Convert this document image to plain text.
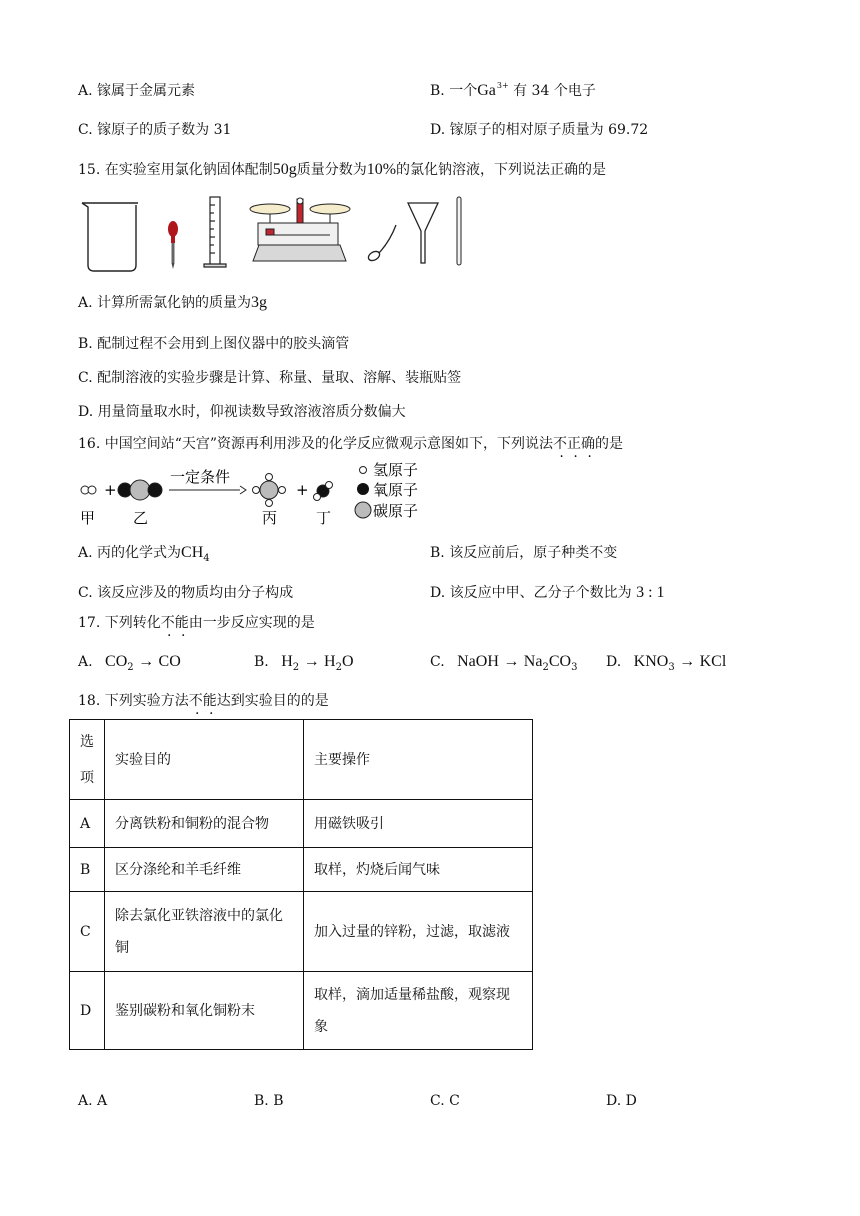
A. 镓属于金属元素	B. 一个$Ga^{3+}$ 有 34 个电子
C. 镓原子的质子数为 31	D. 镓原子的相对原子质量为 69.72
15. 在实验室用氯化钠固体配制50g质量分数为10%的氯化钠溶液，下列说法正确的是
A. 计算所需氯化钠的质量为3g
B. 配制过程不会用到上图仪器中的胶头滴管
C. 配制溶液的实验步骤是计算、称量、量取、溶解、装瓶贴签
D. 用量筒量取水时，仰视读数导致溶液溶质分数偏大
16. 中国空间站“天宫”资源再利用涉及的化学反应微观示意图如下，下列说法不正确的是
+
一定条件
+
甲	乙	丙	丁
氢原子
氧原子
碳原子
A. 丙的化学式为$CH_4$	B. 该反应前后，原子种类不变
C. 该反应涉及的物质均由分子构成	D. 该反应中甲、乙分子个数比为 3 : 1
17. 下列转化不能由一步反应实现的是
A. $CO_2$ → CO	B. $H_2 \to H_2O$	C. NaOH → $Na_2CO_3$ D. $KNO_3$ → KCl
18. 下列实验方法不能达到实验目的的是
选项	实验目的	主要操作
A	分离铁粉和铜粉的混合物	用磁铁吸引
B	区分涤纶和羊毛纤维	取样，灼烧后闻气味
C	除去氯化亚铁溶液中的氯化铜	加入过量的锌粉，过滤，取滤液
D	鉴别碳粉和氧化铜粉末	取样，滴加适量稀盐酸，观察现象
A. A	B. B	C. C	D. D
